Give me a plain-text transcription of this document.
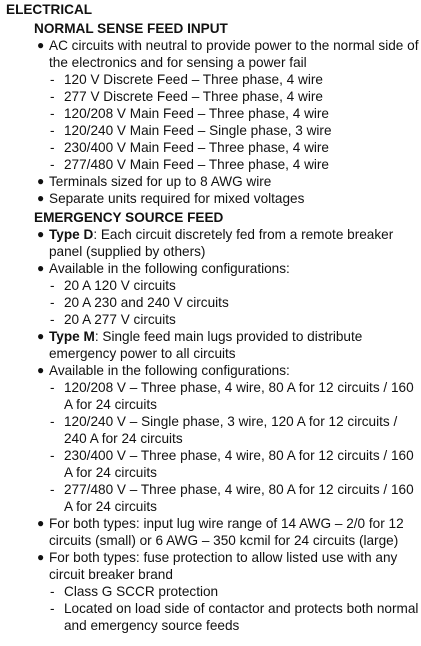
ELECTRICAL
NORMAL SENSE FEED INPUT
● AC circuits with neutral to provide power to the normal side of the electronics and for sensing a power fail
- 120 V Discrete Feed – Three phase, 4 wire
- 277 V Discrete Feed – Three phase, 4 wire
- 120/208 V Main Feed – Three phase, 4 wire
- 120/240 V Main Feed – Single phase, 3 wire
- 230/400 V Main Feed – Three phase, 4 wire
- 277/480 V Main Feed – Three phase, 4 wire
● Terminals sized for up to 8 AWG wire
● Separate units required for mixed voltages
EMERGENCY SOURCE FEED
● Type D: Each circuit discretely fed from a remote breaker panel (supplied by others)
● Available in the following configurations:
- 20 A 120 V circuits
- 20 A 230 and 240 V circuits
- 20 A 277 V circuits
● Type M: Single feed main lugs provided to distribute emergency power to all circuits
● Available in the following configurations:
- 120/208 V – Three phase, 4 wire, 80 A for 12 circuits / 160 A for 24 circuits
- 120/240 V – Single phase, 3 wire, 120 A for 12 circuits / 240 A for 24 circuits
- 230/400 V – Three phase, 4 wire, 80 A for 12 circuits / 160 A for 24 circuits
- 277/480 V – Three phase, 4 wire, 80 A for 12 circuits / 160 A for 24 circuits
● For both types: input lug wire range of 14 AWG – 2/0 for 12 circuits (small) or 6 AWG – 350 kcmil for 24 circuits (large)
● For both types: fuse protection to allow listed use with any circuit breaker brand
- Class G SCCR protection
- Located on load side of contactor and protects both normal and emergency source feeds
